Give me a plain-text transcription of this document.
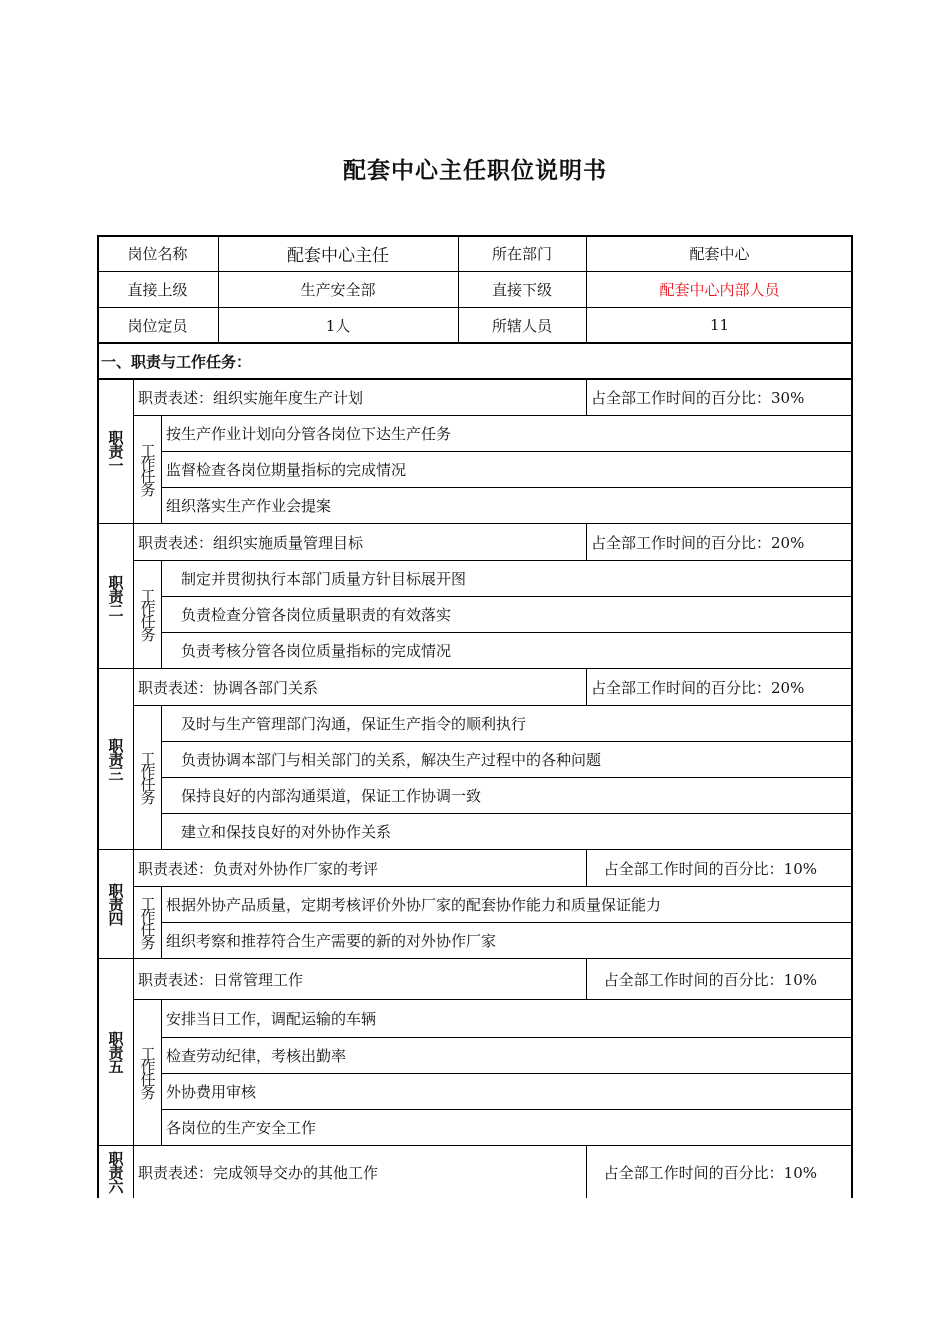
配套中心主任职位说明书
岗位名称	配套中心主任	所在部门	配套中心
直接上级	生产安全部	直接下级	配套中心内部人员
岗位定员	1人	所辖人员	11
一、职责与工作任务：
职责一
职责表述：组织实施年度生产计划	占全部工作时间的百分比：30%
工作任务
按生产作业计划向分管各岗位下达生产任务
监督检查各岗位期量指标的完成情况
组织落实生产作业会提案
职责二
职责表述：组织实施质量管理目标	占全部工作时间的百分比：20%
工作任务
制定并贯彻执行本部门质量方针目标展开图
负责检查分管各岗位质量职责的有效落实
负责考核分管各岗位质量指标的完成情况
职责三
职责表述：协调各部门关系	占全部工作时间的百分比：20%
工作任务
及时与生产管理部门沟通，保证生产指令的顺利执行
负责协调本部门与相关部门的关系，解决生产过程中的各种问题
保持良好的内部沟通渠道，保证工作协调一致
建立和保技良好的对外协作关系
职责四
职责表述：负责对外协作厂家的考评	占全部工作时间的百分比：10%
工作任务 根据外协产品质量，定期考核评价外协厂家的配套协作能力和质量保证能力
组织考察和推荐符合生产需要的新的对外协作厂家
职责五
职责表述：日常管理工作	占全部工作时间的百分比：10%
工作任务
安排当日工作，调配运输的车辆
检查劳动纪律，考核出勤率
外协费用审核
各岗位的生产安全工作
职责六 职责表述：完成领导交办的其他工作	占全部工作时间的百分比：10%
